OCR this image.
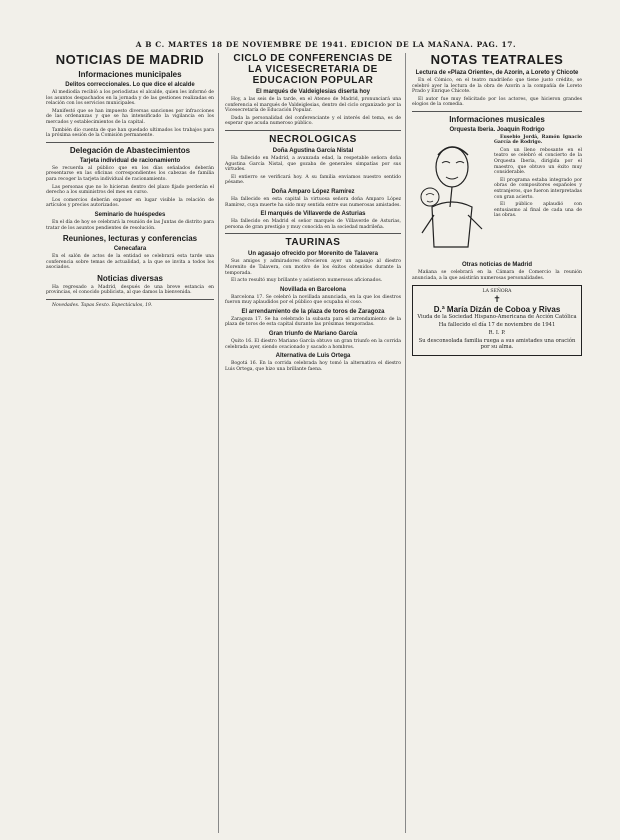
A B C. MARTES 18 DE NOVIEMBRE DE 1941. EDICION DE LA MAÑANA. PAG. 17.
NOTICIAS DE MADRID
Informaciones municipales
Delitos correccionales. Lo que dice el alcalde

Al mediodía recibió a los periodistas el alcalde, quien les informó de los asuntos despachados en la jornada y de las gestiones realizadas en relación con los servicios municipales.

Manifestó que se han impuesto diversas sanciones por infracciones de las ordenanzas y que se ha intensificado la vigilancia en los mercados y establecimientos de la capital.

También dio cuenta de que han quedado ultimados los trabajos para la próxima sesión de la Comisión permanente.

Delegación de Abastecimientos
Tarjeta individual de racionamiento

Se recuerda al público que en los días señalados deberán presentarse en las oficinas correspondientes los cabezas de familia para recoger la tarjeta individual de racionamiento.

Las personas que no lo hicieran dentro del plazo fijado perderán el derecho a los suministros del mes en curso.

Los comercios deberán exponer en lugar visible la relación de artículos y precios autorizados.

Seminario de huéspedes

En el día de hoy se celebrará la reunión de las Juntas de distrito para tratar de los asuntos pendientes de resolución.

Reuniones, lecturas y conferencias
Cenecafara

En el salón de actos de la entidad se celebrará esta tarde una conferencia sobre temas de actualidad, a la que se invita a todos los asociados.

Noticias diversas

Ha regresado a Madrid, después de una breve estancia en provincias, el conocido publicista, al que damos la bienvenida.

Novedades. Tapas Sexto. Espectáculos, 19.

CICLO DE CONFERENCIAS DE LA VICESECRETARIA DE EDUCACION POPULAR
El marqués de Valdeiglesias diserta hoy

Hoy, a las seis de la tarde, en el Ateneo de Madrid, pronunciará una conferencia el marqués de Valdeiglesias, dentro del ciclo organizado por la Vicesecretaría de Educación Popular.

Dada la personalidad del conferenciante y el interés del tema, es de esperar que acuda numeroso público.

NECROLOGICAS
Doña Agustina García Nistal

Ha fallecido en Madrid, a avanzada edad, la respetable señora doña Agustina García Nistal, que gozaba de generales simpatías por sus virtudes.

El entierro se verificará hoy. A su familia enviamos nuestro sentido pésame.

Doña Amparo López Ramírez

Ha fallecido en esta capital la virtuosa señora doña Amparo López Ramírez, cuya muerte ha sido muy sentida entre sus numerosas amistades.

El marqués de Villaverde de Asturias

Ha fallecido en Madrid el señor marqués de Villaverde de Asturias, persona de gran prestigio y muy conocida en la sociedad madrileña.

TAURINAS
Un agasajo ofrecido por Morenito de Talavera

Sus amigos y admiradores ofrecieron ayer un agasajo al diestro Morenito de Talavera, con motivo de los éxitos obtenidos durante la temporada.

El acto resultó muy brillante y asistieron numerosos aficionados.

Novillada en Barcelona

Barcelona 17. Se celebró la novillada anunciada, en la que los diestros fueron muy aplaudidos por el público que ocupaba el coso.

El arrendamiento de la plaza de toros de Zaragoza

Zaragoza 17. Se ha celebrado la subasta para el arrendamiento de la plaza de toros de esta capital durante las próximas temporadas.

Gran triunfo de Mariano García

Quito 16. El diestro Mariano García obtuvo un gran triunfo en la corrida celebrada ayer, siendo ovacionado y sacado a hombros.

Alternativa de Luis Ortega

Bogotá 16. En la corrida celebrada hoy tomó la alternativa el diestro Luis Ortega, que hizo una brillante faena.

NOTAS TEATRALES
Lectura de «Plaza Oriente», de Azorín, a Loreto y Chicote

En el Cómico, en el teatro madrileño que tiene justo crédito, se celebró ayer la lectura de la obra de Azorín a la compañía de Loreto Prado y Enrique Chicote.

El autor fue muy felicitado por los actores, que hicieron grandes elogios de la comedia.

Informaciones musicales
Orquesta Iberia. Joaquín Rodrigo

Eusebio Jordá, Ramón Ignacio García de Rodrigo.

Con un lleno rebosante en el teatro se celebró el concierto de la Orquesta Iberia, dirigida por el maestro, que obtuvo un éxito muy considerable.

El programa estaba integrado por obras de compositores españoles y extranjeros, que fueron interpretadas con gran acierto.

El público aplaudió con entusiasmo al final de cada una de las obras.

Otras noticias de Madrid

Mañana se celebrará en la Cámara de Comercio la reunión anunciada, a la que asistirán numerosas personalidades.

LA SEÑORA
✝
D.ª María Dizán de Coboa y Rivas

Viuda de la Sociedad Hispano-Americana de Acción Católica

Ha fallecido el día 17 de noviembre de 1941

R. I. P.

Su desconsolada familia ruega a sus amistades una oración por su alma.
